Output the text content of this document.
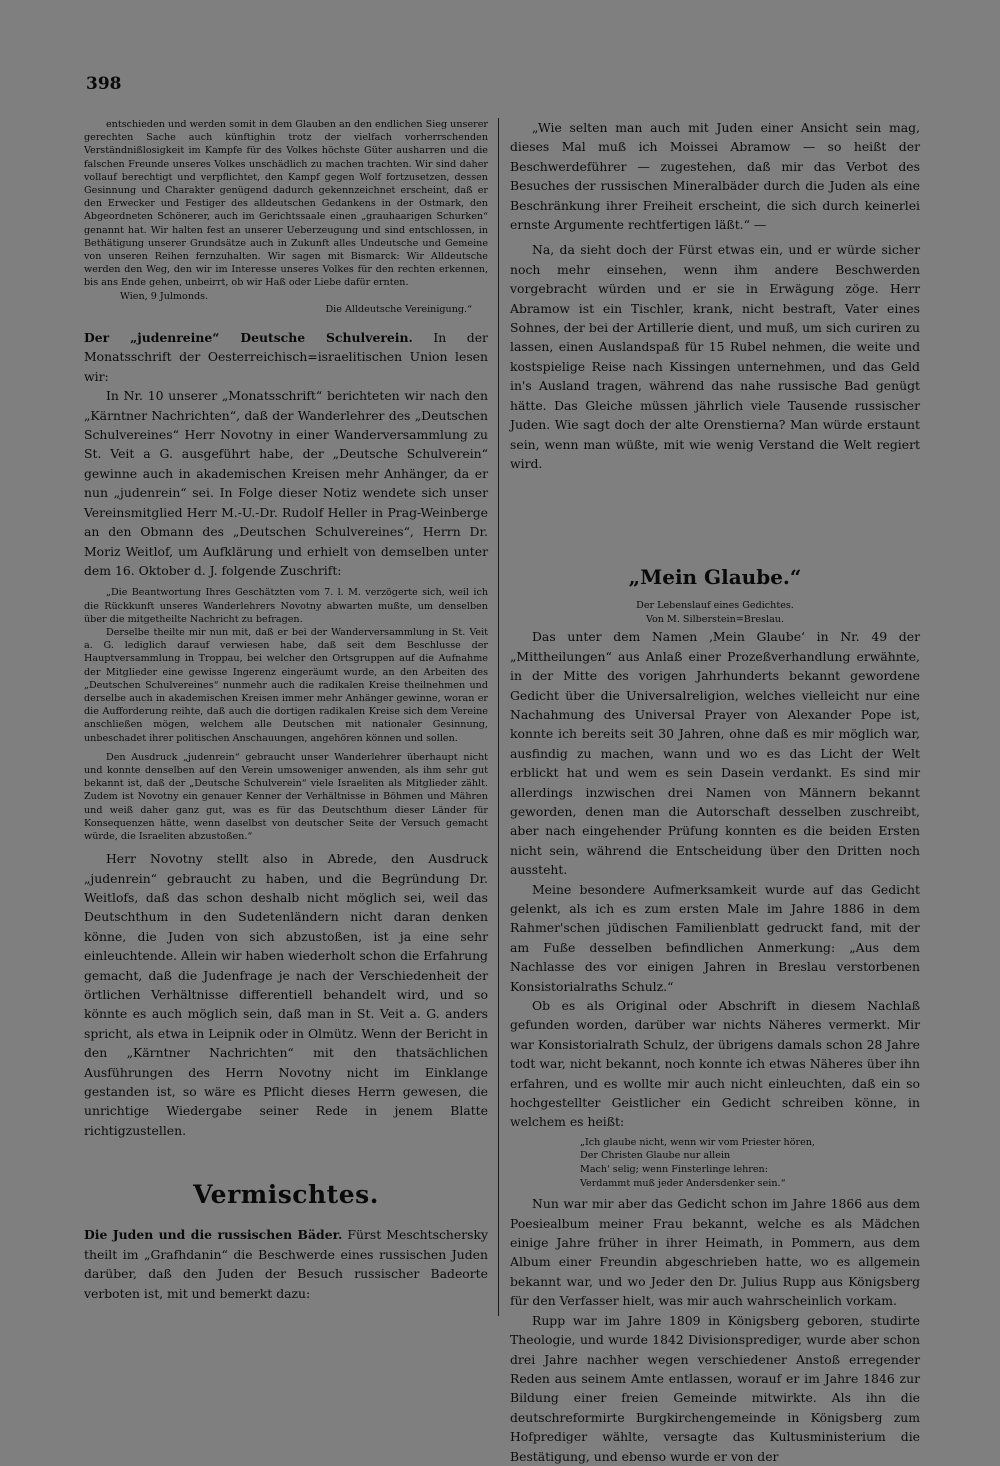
398

entschieden und werden somit in dem Glauben an den endlichen Sieg unserer gerechten Sache auch künftighin trotz der vielfach vorherrschenden Verständnißlosigkeit im Kampfe für des Volkes höchste Güter ausharren und die falschen Freunde unseres Volkes unschädlich zu machen trachten. Wir sind daher vollauf berechtigt und verpflichtet, den Kampf gegen Wolf fortzusetzen, dessen Gesinnung und Charakter genügend dadurch gekennzeichnet erscheint, daß er den Erwecker und Festiger des alldeutschen Gedankens in der Ostmark, den Abgeordneten Schönerer, auch im Gerichtssaale einen „grauhaarigen Schurken“ genannt hat. Wir halten fest an unserer Ueberzeugung und sind entschlossen, in Bethätigung unserer Grundsätze auch in Zukunft alles Undeutsche und Gemeine von unseren Reihen fernzuhalten. Wir sagen mit Bismarck: Wir Alldeutsche werden den Weg, den wir im Interesse unseres Volkes für den rechten erkennen, bis ans Ende gehen, unbeirrt, ob wir Haß oder Liebe dafür ernten.

Wien, 9 Julmonds.

Die Alldeutsche Vereinigung.“

Der „judenreine“ Deutsche Schulverein. In der Monatsschrift der Oesterreichisch=israelitischen Union lesen wir:

In Nr. 10 unserer „Monatsschrift“ berichteten wir nach den „Kärntner Nachrichten“, daß der Wanderlehrer des „Deutschen Schulvereines“ Herr Novotny in einer Wanderversammlung zu St. Veit a G. ausgeführt habe, der „Deutsche Schulverein“ gewinne auch in akademischen Kreisen mehr Anhänger, da er nun „judenrein“ sei. In Folge dieser Notiz wendete sich unser Vereinsmitglied Herr M.-U.-Dr. Rudolf Heller in Prag-Weinberge an den Obmann des „Deutschen Schulvereines“, Herrn Dr. Moriz Weitlof, um Aufklärung und erhielt von demselben unter dem 16. Oktober d. J. folgende Zuschrift:

„Die Beantwortung Ihres Geschätzten vom 7. l. M. verzögerte sich, weil ich die Rückkunft unseres Wanderlehrers Novotny abwarten mußte, um denselben über die mitgetheilte Nachricht zu befragen.

Derselbe theilte mir nun mit, daß er bei der Wanderversammlung in St. Veit a. G. lediglich darauf verwiesen habe, daß seit dem Beschlusse der Hauptversammlung in Troppau, bei welcher den Ortsgruppen auf die Aufnahme der Mitglieder eine gewisse Ingerenz eingeräumt wurde, an den Arbeiten des „Deutschen Schulvereines“ nunmehr auch die radikalen Kreise theilnehmen und derselbe auch in akademischen Kreisen immer mehr Anhänger gewinne, woran er die Aufforderung reihte, daß auch die dortigen radikalen Kreise sich dem Vereine anschließen mögen, welchem alle Deutschen mit nationaler Gesinnung, unbeschadet ihrer politischen Anschauungen, angehören können und sollen.

Den Ausdruck „judenrein“ gebraucht unser Wanderlehrer überhaupt nicht und konnte denselben auf den Verein umsoweniger anwenden, als ihm sehr gut bekannt ist, daß der „Deutsche Schulverein“ viele Israeliten als Mitglieder zählt. Zudem ist Novotny ein genauer Kenner der Verhältnisse in Böhmen und Mähren und weiß daher ganz gut, was es für das Deutschthum dieser Länder für Konsequenzen hätte, wenn daselbst von deutscher Seite der Versuch gemacht würde, die Israeliten abzustoßen.“

Herr Novotny stellt also in Abrede, den Ausdruck „judenrein“ gebraucht zu haben, und die Begründung Dr. Weitlofs, daß das schon deshalb nicht möglich sei, weil das Deutschthum in den Sudetenländern nicht daran denken könne, die Juden von sich abzustoßen, ist ja eine sehr einleuchtende. Allein wir haben wiederholt schon die Erfahrung gemacht, daß die Judenfrage je nach der Verschiedenheit der örtlichen Verhältnisse differentiell behandelt wird, und so könnte es auch möglich sein, daß man in St. Veit a. G. anders spricht, als etwa in Leipnik oder in Olmütz. Wenn der Bericht in den „Kärntner Nachrichten“ mit den thatsächlichen Ausführungen des Herrn Novotny nicht im Einklange gestanden ist, so wäre es Pflicht dieses Herrn gewesen, die unrichtige Wiedergabe seiner Rede in jenem Blatte richtigzustellen.

Vermischtes.

Die Juden und die russischen Bäder. Fürst Meschtschersky theilt im „Grafhdanin“ die Beschwerde eines russischen Juden darüber, daß den Juden der Besuch russischer Badeorte verboten ist, mit und bemerkt dazu:

„Wie selten man auch mit Juden einer Ansicht sein mag, dieses Mal muß ich Moissei Abramow — so heißt der Beschwerdeführer — zugestehen, daß mir das Verbot des Besuches der russischen Mineralbäder durch die Juden als eine Beschränkung ihrer Freiheit erscheint, die sich durch keinerlei ernste Argumente rechtfertigen läßt.“ —

Na, da sieht doch der Fürst etwas ein, und er würde sicher noch mehr einsehen, wenn ihm andere Beschwerden vorgebracht würden und er sie in Erwägung zöge. Herr Abramow ist ein Tischler, krank, nicht bestraft, Vater eines Sohnes, der bei der Artillerie dient, und muß, um sich curiren zu lassen, einen Auslandspaß für 15 Rubel nehmen, die weite und kostspielige Reise nach Kissingen unternehmen, und das Geld in's Ausland tragen, während das nahe russische Bad genügt hätte. Das Gleiche müssen jährlich viele Tausende russischer Juden. Wie sagt doch der alte Orenstierna? Man würde erstaunt sein, wenn man wüßte, mit wie wenig Verstand die Welt regiert wird.

„Mein Glaube.“
Der Lebenslauf eines Gedichtes.
Von M. Silberstein=Breslau.

Das unter dem Namen ‚Mein Glaube‘ in Nr. 49 der „Mittheilungen“ aus Anlaß einer Prozeßverhandlung erwähnte, in der Mitte des vorigen Jahrhunderts bekannt gewordene Gedicht über die Universalreligion, welches vielleicht nur eine Nachahmung des Universal Prayer von Alexander Pope ist, konnte ich bereits seit 30 Jahren, ohne daß es mir möglich war, ausfindig zu machen, wann und wo es das Licht der Welt erblickt hat und wem es sein Dasein verdankt. Es sind mir allerdings inzwischen drei Namen von Männern bekannt geworden, denen man die Autorschaft desselben zuschreibt, aber nach eingehender Prüfung konnten es die beiden Ersten nicht sein, während die Entscheidung über den Dritten noch aussteht.

Meine besondere Aufmerksamkeit wurde auf das Gedicht gelenkt, als ich es zum ersten Male im Jahre 1886 in dem Rahmer'schen jüdischen Familienblatt gedruckt fand, mit der am Fuße desselben befindlichen Anmerkung: „Aus dem Nachlasse des vor einigen Jahren in Breslau verstorbenen Konsistorialraths Schulz.“

Ob es als Original oder Abschrift in diesem Nachlaß gefunden worden, darüber war nichts Näheres vermerkt. Mir war Konsistorialrath Schulz, der übrigens damals schon 28 Jahre todt war, nicht bekannt, noch konnte ich etwas Näheres über ihn erfahren, und es wollte mir auch nicht einleuchten, daß ein so hochgestellter Geistlicher ein Gedicht schreiben könne, in welchem es heißt:

„Ich glaube nicht, wenn wir vom Priester hören,
Der Christen Glaube nur allein
Mach' selig; wenn Finsterlinge lehren:
Verdammt muß jeder Andersdenker sein.“

Nun war mir aber das Gedicht schon im Jahre 1866 aus dem Poesiealbum meiner Frau bekannt, welche es als Mädchen einige Jahre früher in ihrer Heimath, in Pommern, aus dem Album einer Freundin abgeschrieben hatte, wo es allgemein bekannt war, und wo Jeder den Dr. Julius Rupp aus Königsberg für den Verfasser hielt, was mir auch wahrscheinlich vorkam.

Rupp war im Jahre 1809 in Königsberg geboren, studirte Theologie, und wurde 1842 Divisionsprediger, wurde aber schon drei Jahre nachher wegen verschiedener Anstoß erregender Reden aus seinem Amte entlassen, worauf er im Jahre 1846 zur Bildung einer freien Gemeinde mitwirkte. Als ihn die deutschreformirte Burgkirchengemeinde in Königsberg zum Hofprediger wählte, versagte das Kultusministerium die Bestätigung, und ebenso wurde er von der
